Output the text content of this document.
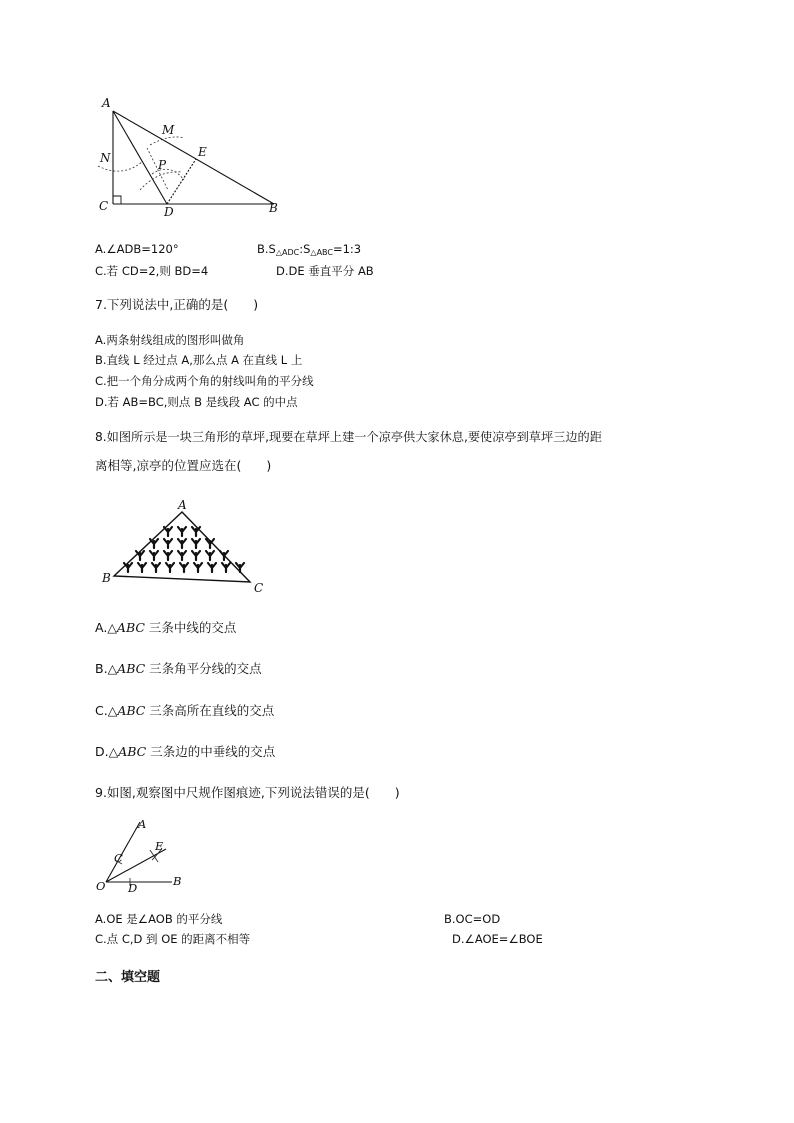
A
M
N	P
E
C	D	B
A.∠ADB=120°	B.S△ADC:S△ABC=1:3
C.若 CD=2,则 BD=4	D.DE 垂直平分 AB
7.下列说法中,正确的是(　　)
A.两条射线组成的图形叫做角
B.直线 L 经过点 A,那么点 A 在直线 L 上
C.把一个角分成两个角的射线叫角的平分线
D.若 AB=BC,则点 B 是线段 AC 的中点
8.如图所示是一块三角形的草坪,现要在草坪上建一个凉亭供大家休息,要使凉亭到草坪三边的距
离相等,凉亭的位置应选在(　　)
A
B
C
A.△ABC 三条中线的交点
B.△ABC 三条角平分线的交点
C.△ABC 三条高所在直线的交点
D.△ABC 三条边的中垂线的交点
9.如图,观察图中尺规作图痕迹,下列说法错误的是(　　)
A
C
E
O D	B
A.OE 是∠AOB 的平分线	B.OC=OD
C.点 C,D 到 OE 的距离不相等	D.∠AOE=∠BOE
二、填空题
